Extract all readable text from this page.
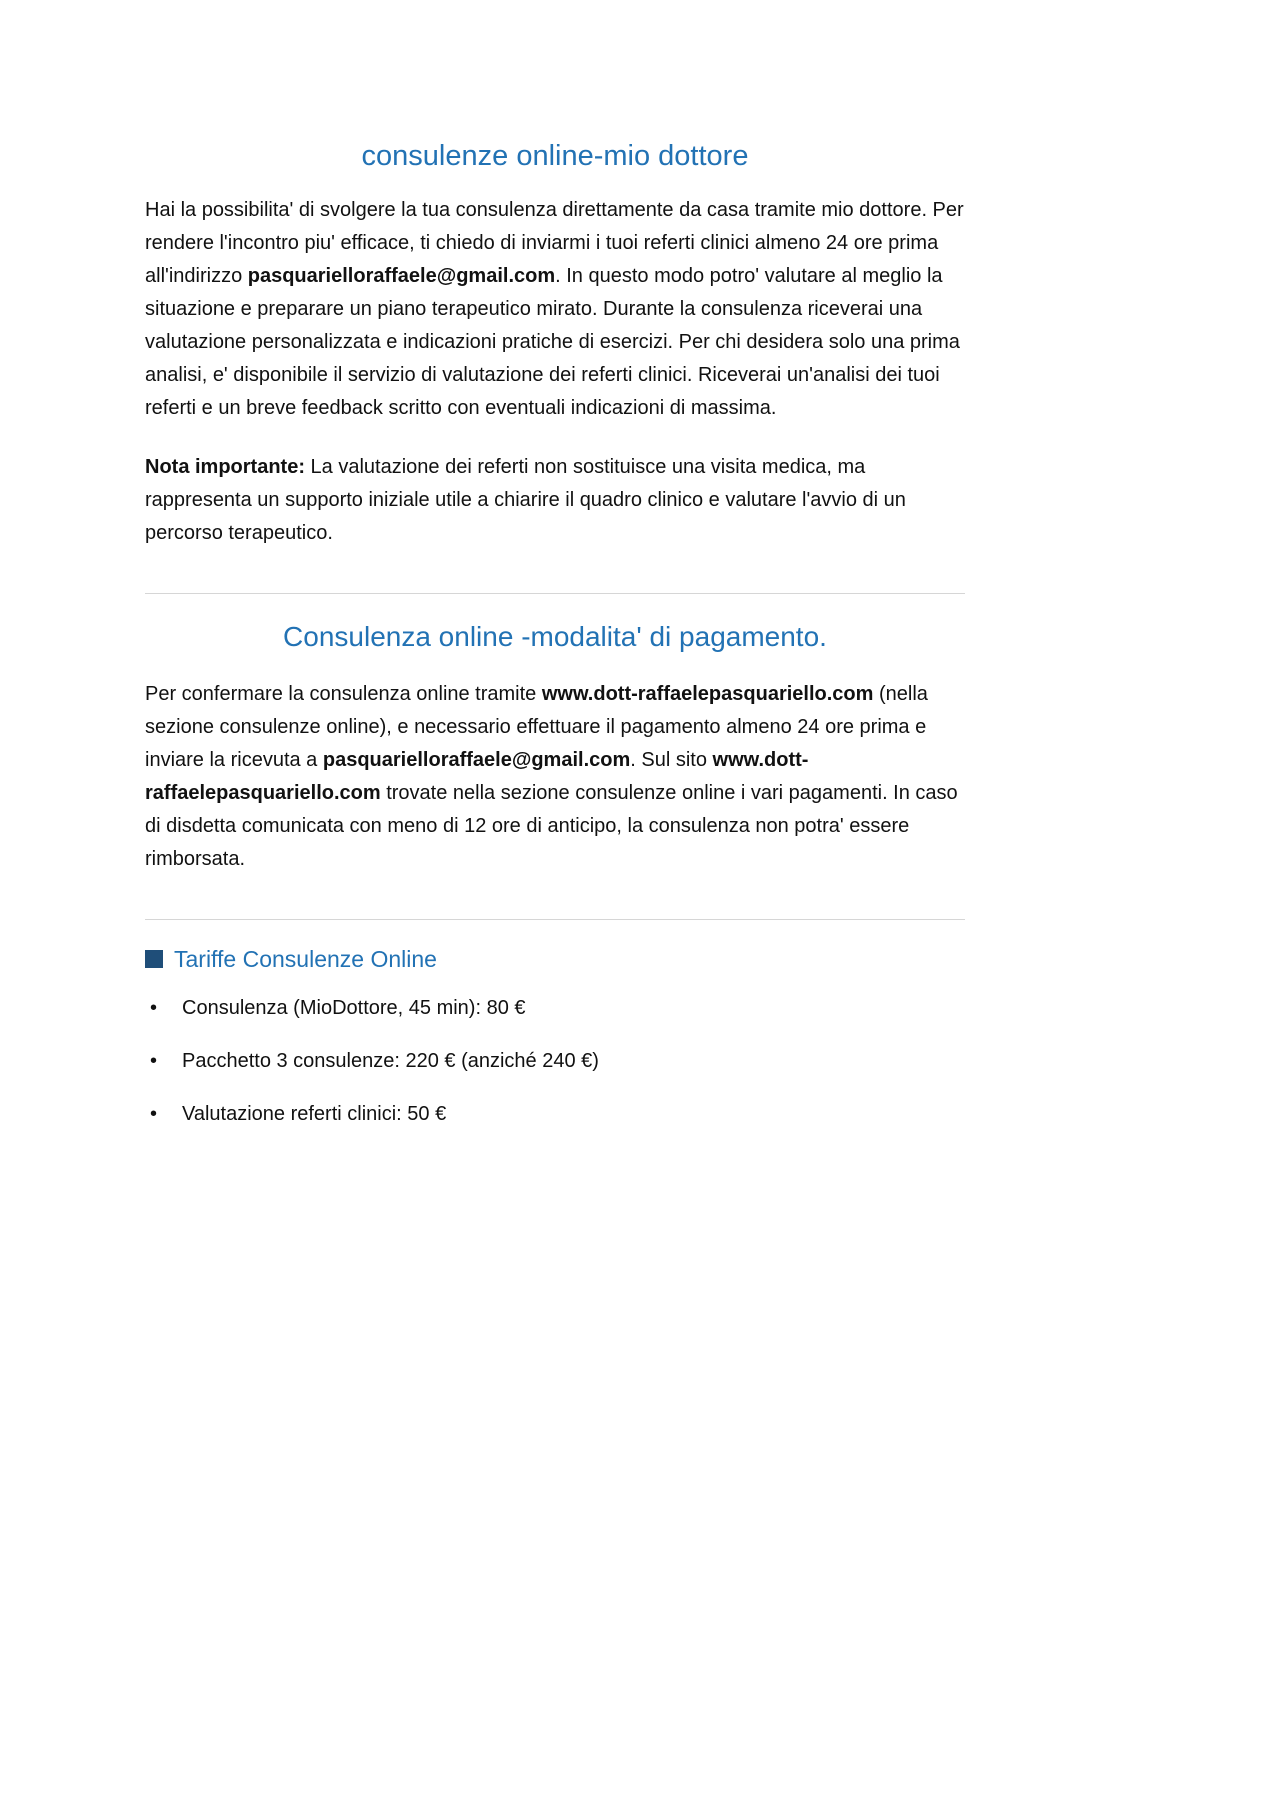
consulenze online-mio dottore

Hai la possibilita' di svolgere la tua consulenza direttamente da casa tramite mio dottore. Per rendere l'incontro piu' efficace, ti chiedo di inviarmi i tuoi referti clinici almeno 24 ore prima all'indirizzo pasquarielloraffaele@gmail.com. In questo modo potro' valutare al meglio la situazione e preparare un piano terapeutico mirato. Durante la consulenza riceverai una valutazione personalizzata e indicazioni pratiche di esercizi. Per chi desidera solo una prima analisi, e' disponibile il servizio di valutazione dei referti clinici. Riceverai un'analisi dei tuoi referti e un breve feedback scritto con eventuali indicazioni di massima.

Nota importante: La valutazione dei referti non sostituisce una visita medica, ma rappresenta un supporto iniziale utile a chiarire il quadro clinico e valutare l'avvio di un percorso terapeutico.

Consulenza online -modalita' di pagamento.

Per confermare la consulenza online tramite www.dott-raffaelepasquariello.com (nella sezione consulenze online), e necessario effettuare il pagamento almeno 24 ore prima e inviare la ricevuta a pasquarielloraffaele@gmail.com. Sul sito www.dott-raffaelepasquariello.com trovate nella sezione consulenze online i vari pagamenti. In caso di disdetta comunicata con meno di 12 ore di anticipo, la consulenza non potra' essere rimborsata.

Tariffe Consulenze Online
• Consulenza (MioDottore, 45 min): 80 €
• Pacchetto 3 consulenze: 220 € (anziché 240 €)
• Valutazione referti clinici: 50 €
